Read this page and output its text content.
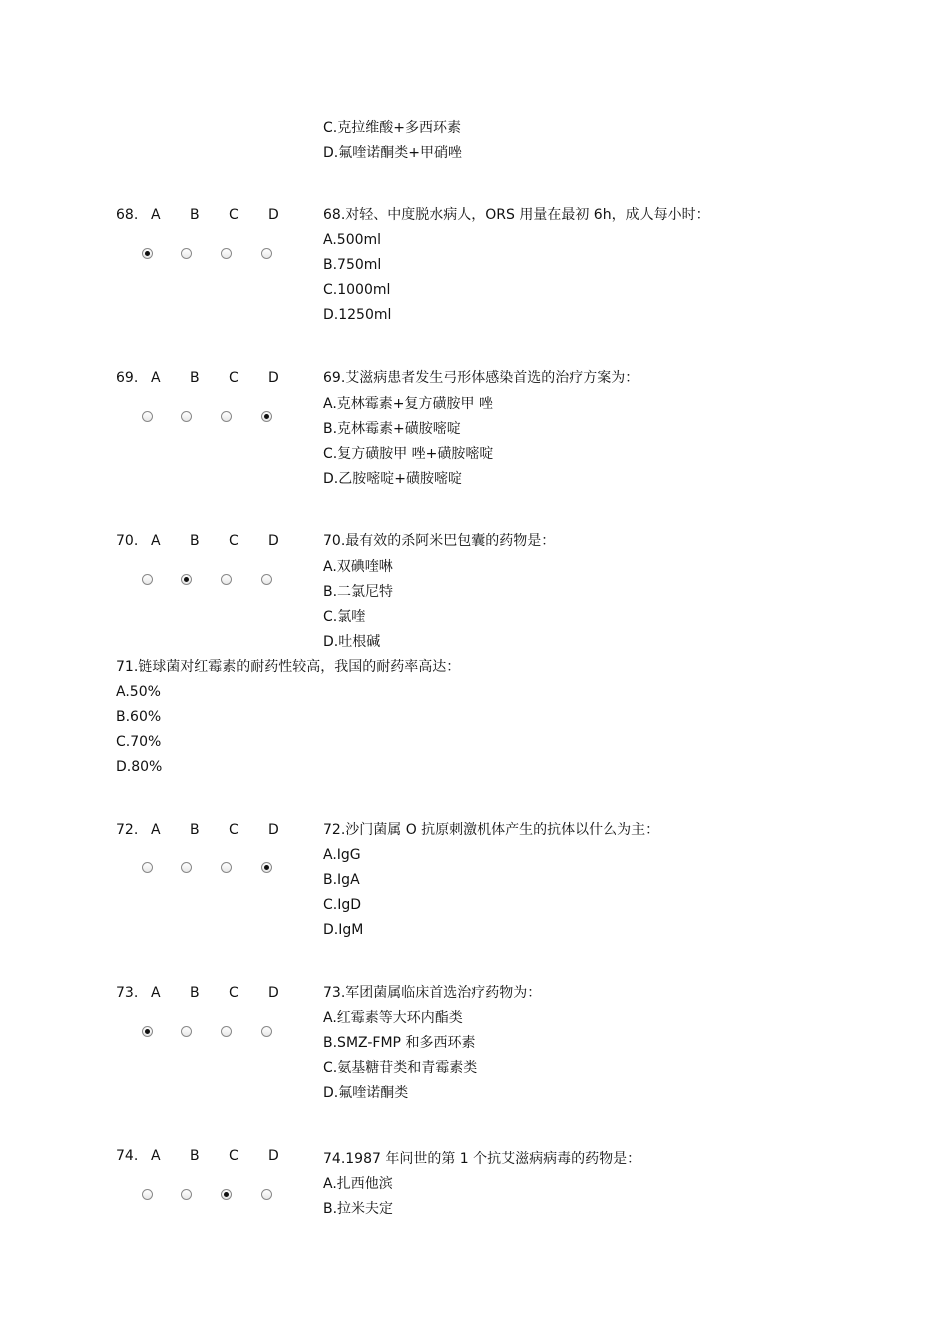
C.克拉维酸+多西环素
D.氟喹诺酮类+甲硝唑
68. A B C D	68.对轻、中度脱水病人，ORS 用量在最初 6h，成人每小时：
A.500ml
B.750ml
C.1000ml
D.1250ml
69. A B C D	69.艾滋病患者发生弓形体感染首选的治疗方案为：
A.克林霉素+复方磺胺甲 唑
B.克林霉素+磺胺嘧啶
C.复方磺胺甲 唑+磺胺嘧啶
D.乙胺嘧啶+磺胺嘧啶
70. A B C D	70.最有效的杀阿米巴包囊的药物是：
A.双碘喹啉
B.二氯尼特
C.氯喹
D.吐根碱
71.链球菌对红霉素的耐药性较高，我国的耐药率高达：
A.50%
B.60%
C.70%
D.80%
72. A B C D	72.沙门菌属 O 抗原刺激机体产生的抗体以什么为主：
A.IgG
B.IgA
C.IgD
D.IgM
73. A B C D	73.军团菌属临床首选治疗药物为：
A.红霉素等大环内酯类
B.SMZ-FMP 和多西环素
C.氨基糖苷类和青霉素类
D.氟喹诺酮类
74. A B C D	74.1987 年问世的第 1 个抗艾滋病病毒的药物是：
A.扎西他滨
B.拉米夫定
